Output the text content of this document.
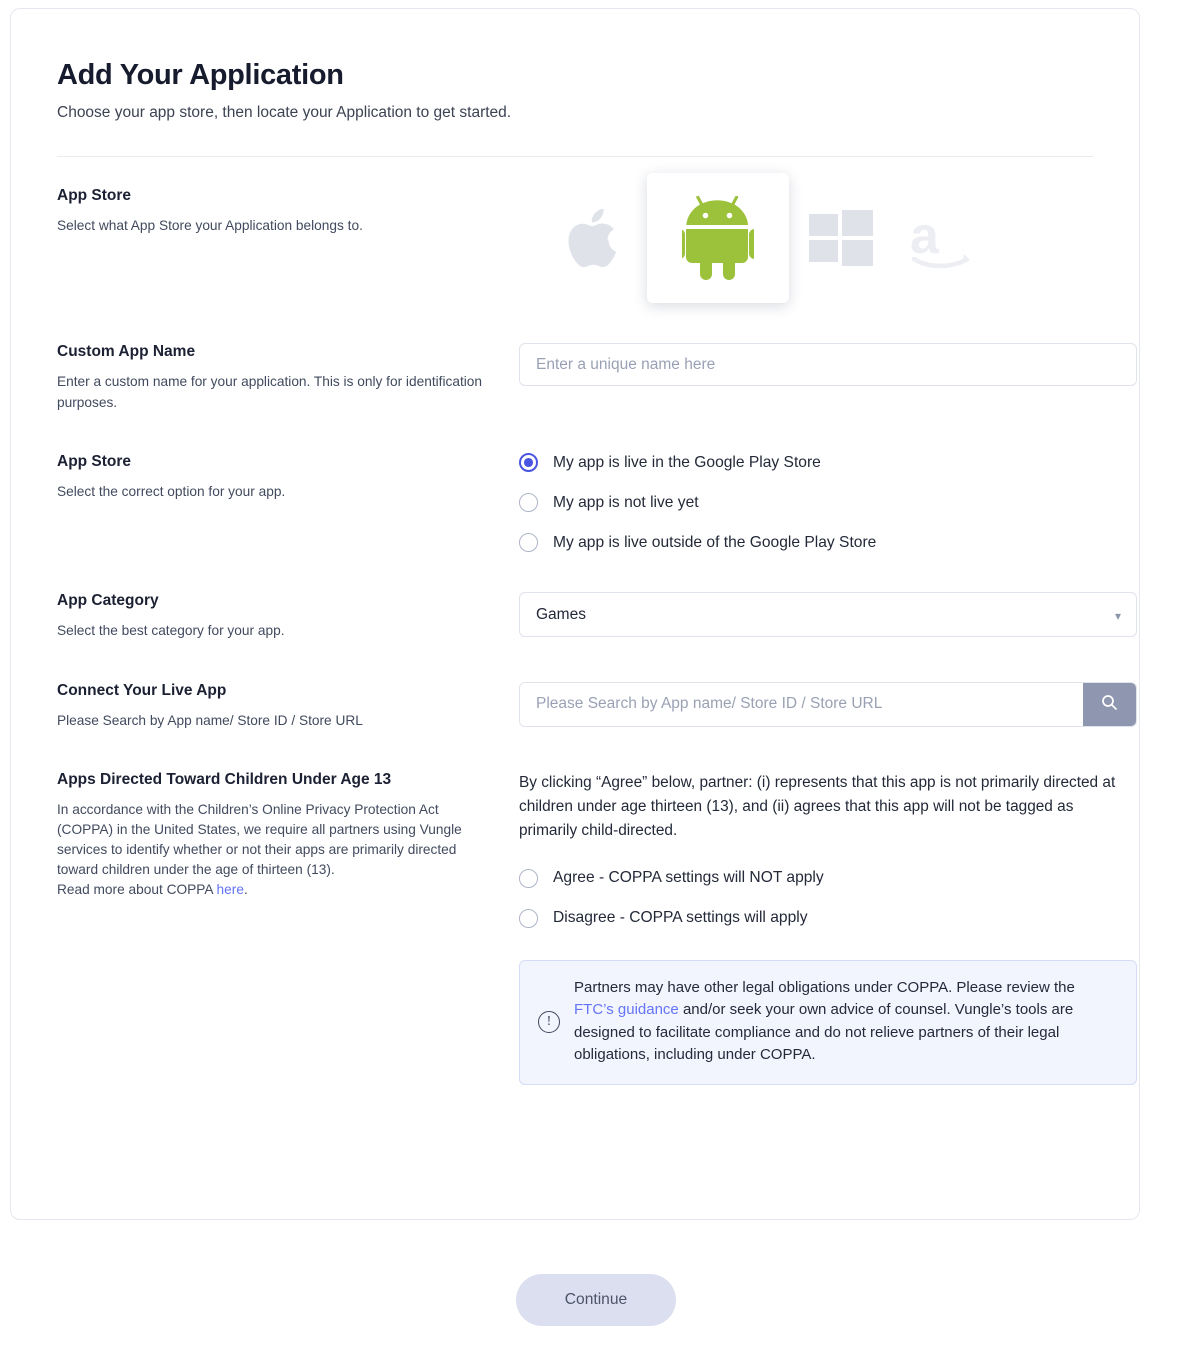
Add Your Application
Choose your app store, then locate your Application to get started.
App Store
Select what App Store your Application belongs to.	a
Custom App Name
Enter a custom name for your application. This is only for identification purposes.
Enter a unique name here
App Store
Select the correct option for your app.
My app is live in the Google Play Store
My app is not live yet
My app is live outside of the Google Play Store
App Category
Select the best category for your app.
Games
▾
Connect Your Live App
Please Search by App name/ Store ID / Store URL
Please Search by App name/ Store ID / Store URL
Apps Directed Toward Children Under Age 13
In accordance with the Children’s Online Privacy Protection Act (COPPA) in the United States, we require all partners using Vungle services to identify whether or not their apps are primarily directed toward children under the age of thirteen (13).
Read more about COPPA here.

By clicking “Agree” below, partner: (i) represents that this app is not primarily directed at children under age thirteen (13), and (ii) agrees that this app will not be tagged as primarily child-directed.

Agree - COPPA settings will NOT apply
Disagree - COPPA settings will apply
!
Partners may have other legal obligations under COPPA. Please review the FTC’s guidance and/or seek your own advice of counsel. Vungle’s tools are designed to facilitate compliance and do not relieve partners of their legal obligations, including under COPPA.
Continue
